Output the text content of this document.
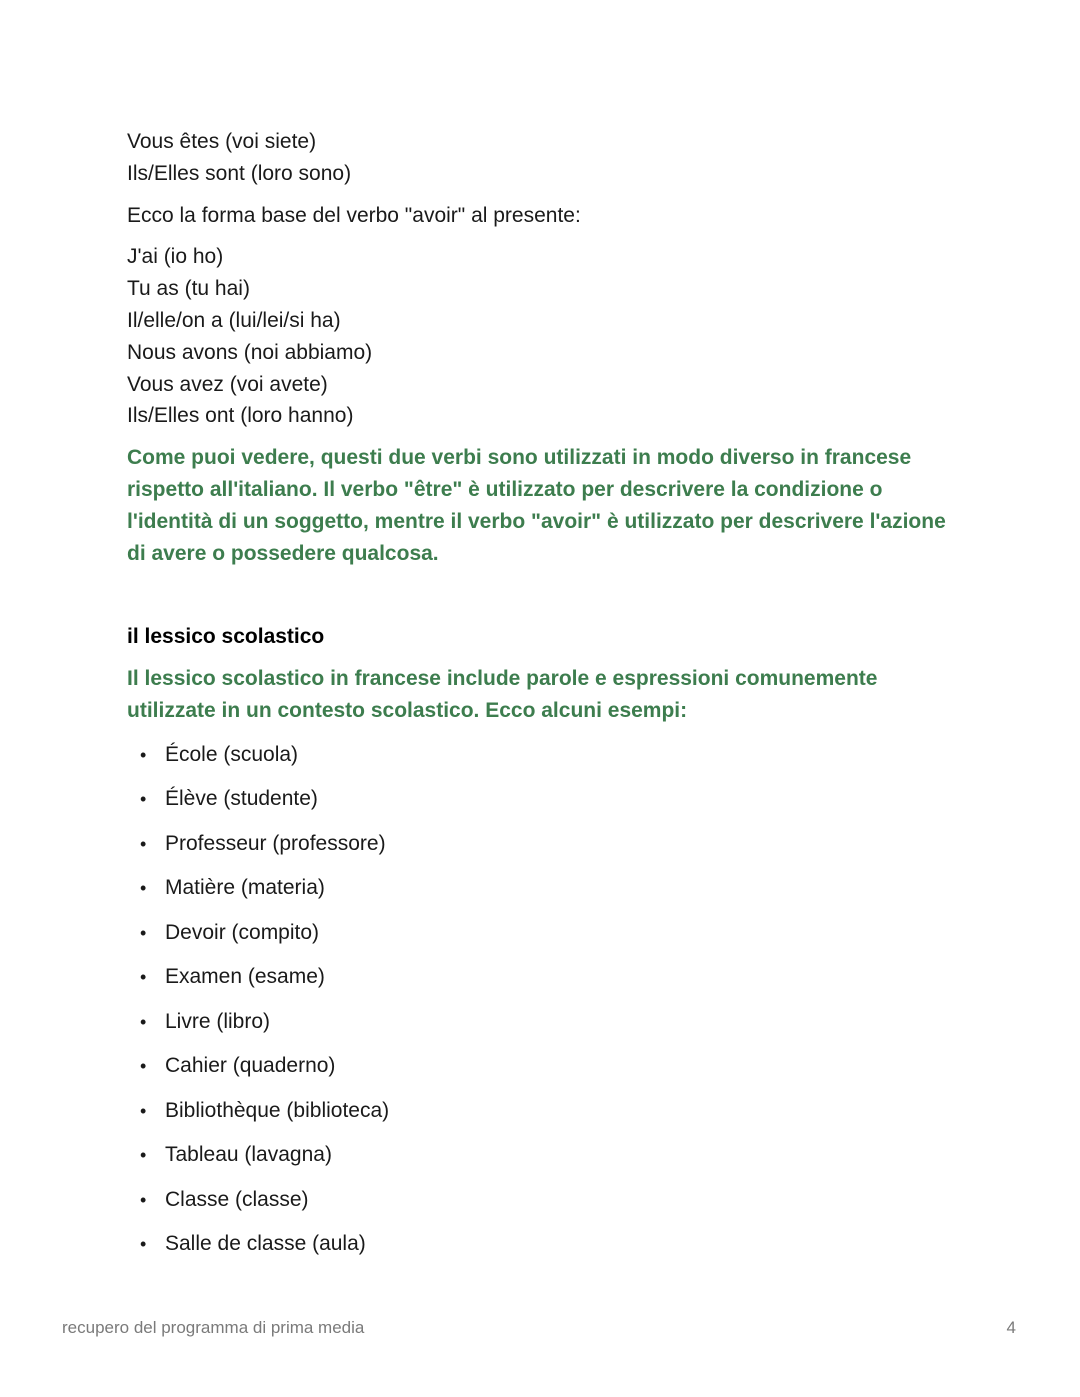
Vous êtes (voi siete)

Ils/Elles sont (loro sono)

Ecco la forma base del verbo "avoir" al presente:

J'ai (io ho)

Tu as (tu hai)

Il/elle/on a (lui/lei/si ha)

Nous avons (noi abbiamo)

Vous avez (voi avete)

Ils/Elles ont (loro hanno)

Come puoi vedere, questi due verbi sono utilizzati in modo diverso in francese

rispetto all'italiano. Il verbo "être" è utilizzato per descrivere la condizione o

l'identità di un soggetto, mentre il verbo "avoir" è utilizzato per descrivere l'azione

di avere o possedere qualcosa.

il lessico scolastico

Il lessico scolastico in francese include parole e espressioni comunemente

utilizzate in un contesto scolastico. Ecco alcuni esempi:

• École (scuola)
• Élève (studente)
• Professeur (professore)
• Matière (materia)
• Devoir (compito)
• Examen (esame)
• Livre (libro)
• Cahier (quaderno)
• Bibliothèque (biblioteca)
• Tableau (lavagna)
• Classe (classe)
• Salle de classe (aula)
recupero del programma di prima media	4
